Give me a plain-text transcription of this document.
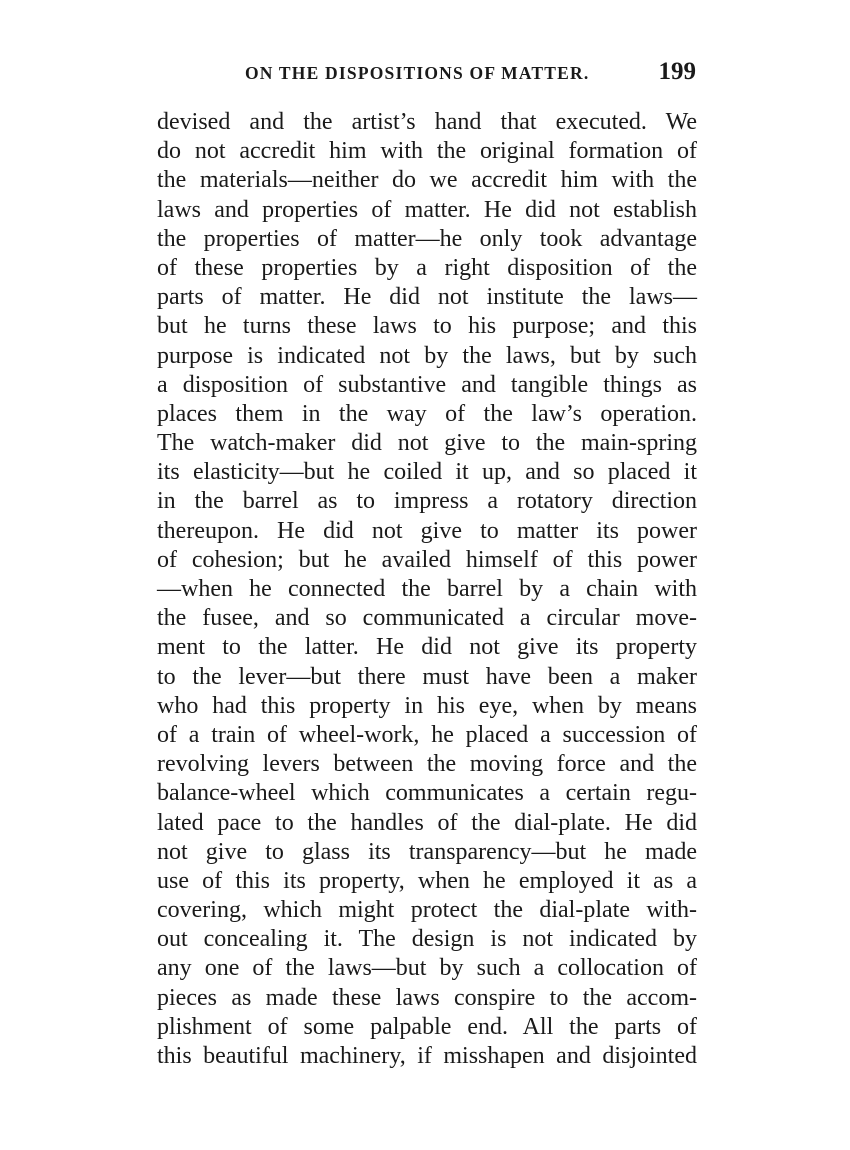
ON THE DISPOSITIONS OF MATTER.	199
devised and the artist’s hand that executed. We
do not accredit him with the original formation of
the materials—neither do we accredit him with the
laws and properties of matter. He did not establish
the properties of matter—he only took advantage
of these properties by a right disposition of the
parts of matter. He did not institute the laws—
but he turns these laws to his purpose; and this
purpose is indicated not by the laws, but by such
a disposition of substantive and tangible things as
places them in the way of the law’s operation.
The watch-maker did not give to the main-spring
its elasticity—but he coiled it up, and so placed it
in the barrel as to impress a rotatory direction
thereupon. He did not give to matter its power
of cohesion; but he availed himself of this power
—when he connected the barrel by a chain with
the fusee, and so communicated a circular move-
ment to the latter. He did not give its property
to the lever—but there must have been a maker
who had this property in his eye, when by means
of a train of wheel-work, he placed a succession of
revolving levers between the moving force and the
balance-wheel which communicates a certain regu-
lated pace to the handles of the dial-plate. He did
not give to glass its transparency—but he made
use of this its property, when he employed it as a
covering, which might protect the dial-plate with-
out concealing it. The design is not indicated by
any one of the laws—but by such a collocation of
pieces as made these laws conspire to the accom-
plishment of some palpable end. All the parts of
this beautiful machinery, if misshapen and disjointed
